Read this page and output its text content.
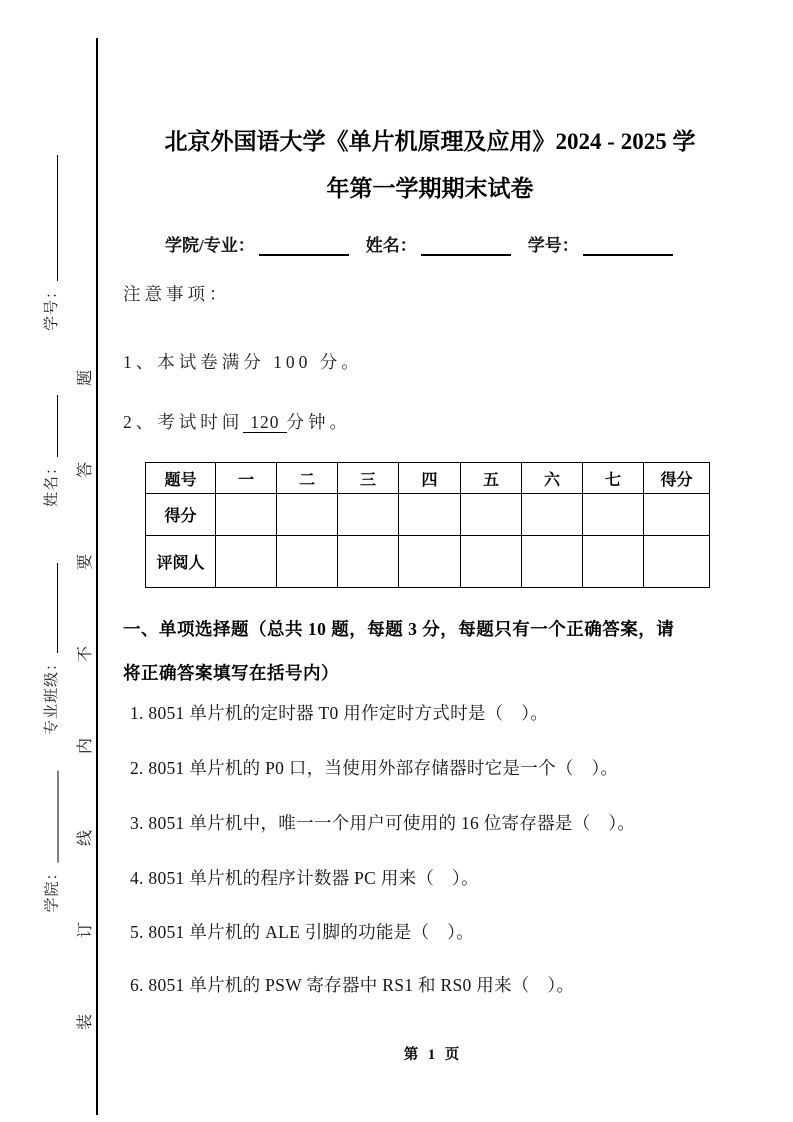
学号：
姓名：
专业班级：
学院：	装订线内不要答题
北京外国语大学《单片机原理及应用》2024 - 2025 学
年第一学期期末试卷
学院/专业：	姓名：	学号：
注意事项：
1、本试卷满分 100 分。
2、考试时间 120 分钟。
题号	一	二	三	四	五	六	七	得分
得分								
评阅人								
一、单项选择题（总共 10 题，每题 3 分，每题只有一个正确答案，请
将正确答案填写在括号内）
1. 8051 单片机的定时器 T0 用作定时方式时是（　）。
2. 8051 单片机的 P0 口，当使用外部存储器时它是一个（　）。
3. 8051 单片机中，唯一一个用户可使用的 16 位寄存器是（　）。
4. 8051 单片机的程序计数器 PC 用来（　）。
5. 8051 单片机的 ALE 引脚的功能是（　）。
6. 8051 单片机的 PSW 寄存器中 RS1 和 RS0 用来（　）。
第 1 页
